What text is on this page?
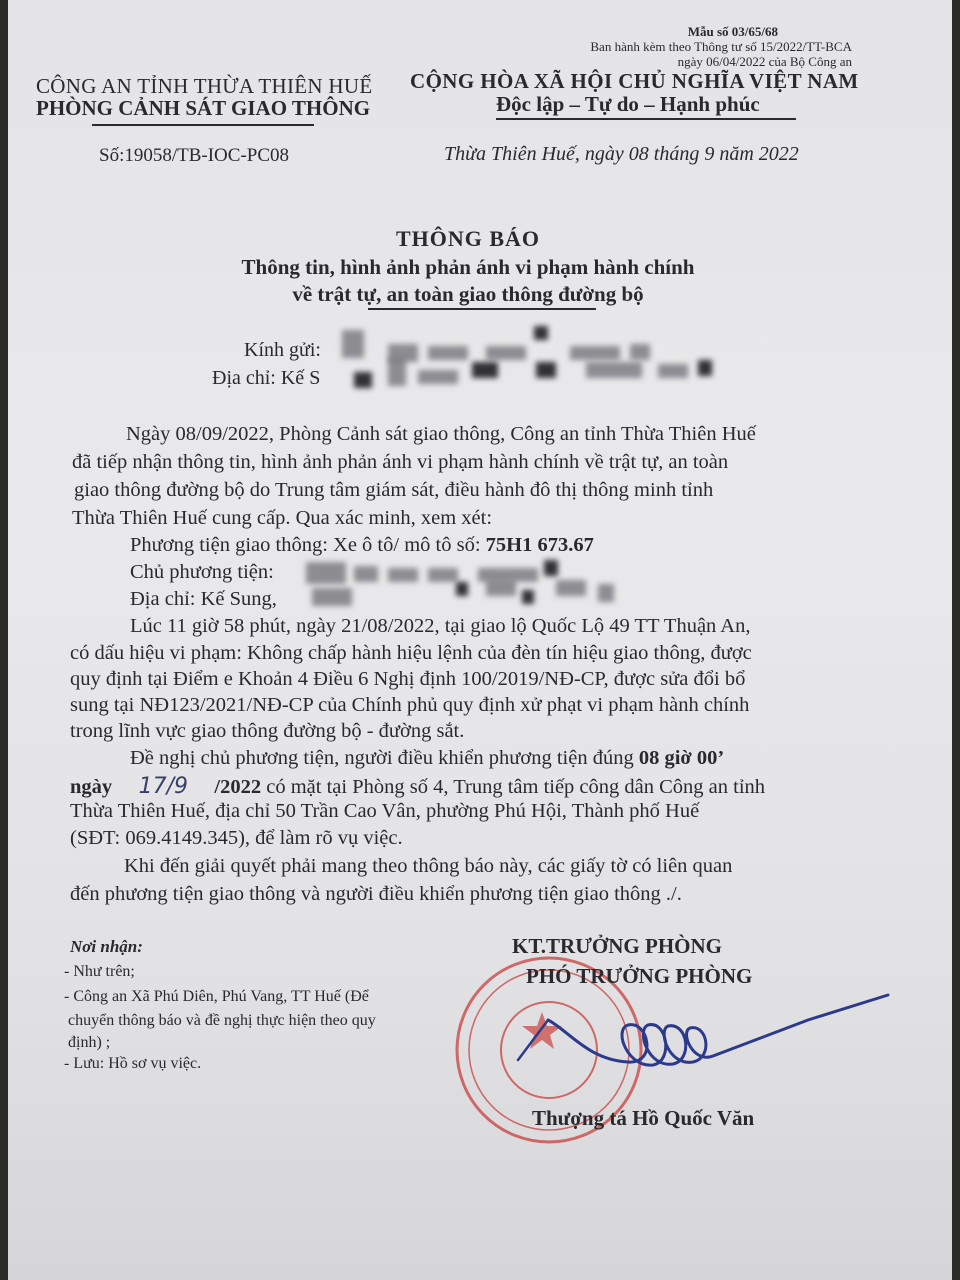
Mẫu số 03/65/68
Ban hành kèm theo Thông tư số 15/2022/TT-BCA
ngày 06/04/2022 của Bộ Công an
CÔNG AN TỈNH THỪA THIÊN HUẾ
PHÒNG CẢNH SÁT GIAO THÔNG
CỘNG HÒA XÃ HỘI CHỦ NGHĨA VIỆT NAM
Độc lập – Tự do – Hạnh phúc
Số:19058/TB-IOC-PC08	Thừa Thiên Huế, ngày 08 tháng 9 năm 2022
THÔNG BÁO
Thông tin, hình ảnh phản ánh vi phạm hành chính
về trật tự, an toàn giao thông đường bộ
Kính gửi:
Địa chỉ: Kế S
Ngày 08/09/2022, Phòng Cảnh sát giao thông, Công an tỉnh Thừa Thiên Huế
đã tiếp nhận thông tin, hình ảnh phản ánh vi phạm hành chính về trật tự, an toàn
giao thông đường bộ do Trung tâm giám sát, điều hành đô thị thông minh tỉnh
Thừa Thiên Huế cung cấp. Qua xác minh, xem xét:
Phương tiện giao thông: Xe ô tô/ mô tô số: 75H1 673.67
Chủ phương tiện:
Địa chỉ: Kế Sung,
Lúc 11 giờ 58 phút, ngày 21/08/2022, tại giao lộ Quốc Lộ 49 TT Thuận An,
có dấu hiệu vi phạm: Không chấp hành hiệu lệnh của đèn tín hiệu giao thông, được
quy định tại Điểm e Khoản 4 Điều 6 Nghị định 100/2019/NĐ-CP, được sửa đổi bổ
sung tại NĐ123/2021/NĐ-CP của Chính phủ quy định xử phạt vi phạm hành chính
trong lĩnh vực giao thông đường bộ - đường sắt.
Đề nghị chủ phương tiện, người điều khiển phương tiện đúng 08 giờ 00’
ngày 17/9 /2022 có mặt tại Phòng số 4, Trung tâm tiếp công dân Công an tỉnh
Thừa Thiên Huế, địa chỉ 50 Trần Cao Vân, phường Phú Hội, Thành phố Huế
(SĐT: 069.4149.345), để làm rõ vụ việc.
Khi đến giải quyết phải mang theo thông báo này, các giấy tờ có liên quan
đến phương tiện giao thông và người điều khiển phương tiện giao thông ./.
Nơi nhận:
- Như trên;
- Công an Xã Phú Diên, Phú Vang, TT Huế (Để
chuyển thông báo và đề nghị thực hiện theo quy
định) ;
- Lưu: Hồ sơ vụ việc.
KT.TRƯỞNG PHÒNG
PHÓ TRƯỞNG PHÒNG
Thượng tá Hồ Quốc Văn
